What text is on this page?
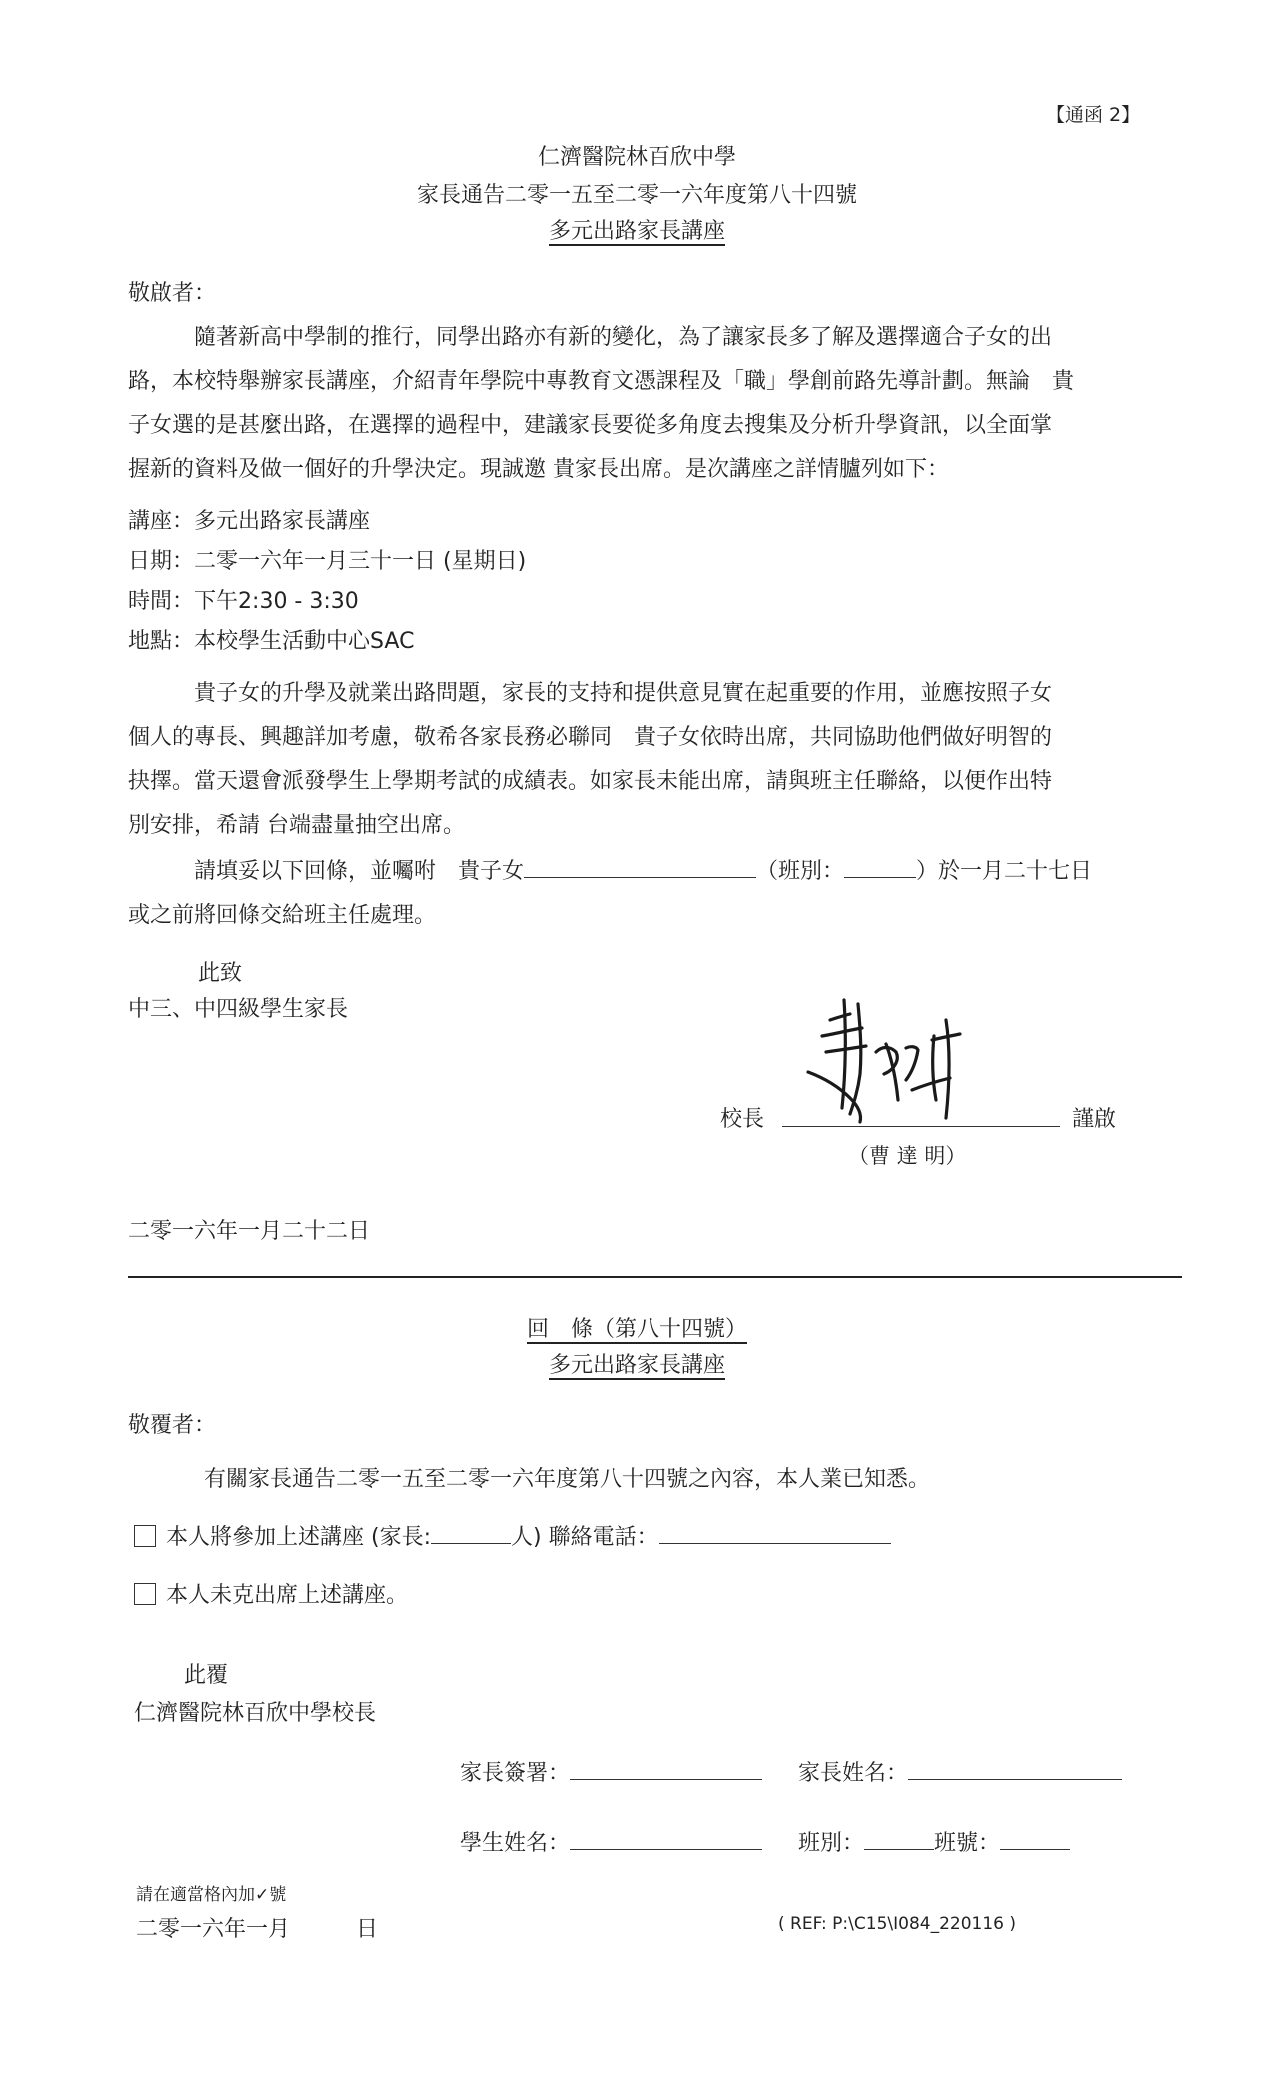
【通函 2】
仁濟醫院林百欣中學
家長通告二零一五至二零一六年度第八十四號
多元出路家長講座
敬啟者：
隨著新高中學制的推行，同學出路亦有新的變化，為了讓家長多了解及選擇適合子女的出
路，本校特舉辦家長講座，介紹青年學院中專教育文憑課程及「職」學創前路先導計劃。無論　貴
子女選的是甚麼出路，在選擇的過程中，建議家長要從多角度去搜集及分析升學資訊，以全面掌
握新的資料及做一個好的升學決定。現誠邀 貴家長出席。是次講座之詳情臚列如下：
講座：多元出路家長講座
日期：二零一六年一月三十一日 (星期日)
時間：下午2:30 - 3:30
地點：本校學生活動中心SAC
貴子女的升學及就業出路問題，家長的支持和提供意見實在起重要的作用，並應按照子女
個人的專長、興趣詳加考慮，敬希各家長務必聯同　貴子女依時出席，共同協助他們做好明智的
抉擇。當天還會派發學生上學期考試的成績表。如家長未能出席，請與班主任聯絡，以便作出特
別安排，希請 台端盡量抽空出席。
請填妥以下回條，並囑咐　貴子女	（班別：	）於一月二十七日
或之前將回條交給班主任處理。
此致
中三、中四級學生家長
校長	謹啟
（曹 達 明）
二零一六年一月二十二日
回　條（第八十四號）
多元出路家長講座
敬覆者：
有關家長通告二零一五至二零一六年度第八十四號之內容，本人業已知悉。
本人將參加上述講座 (家長:	人) 聯絡電話：
本人未克出席上述講座。
此覆
仁濟醫院林百欣中學校長
家長簽署：	家長姓名：
學生姓名：	班別：	班號：
請在適當格內加✓號
二零一六年一月　　　日	( REF: P:\C15\I084_220116 )
